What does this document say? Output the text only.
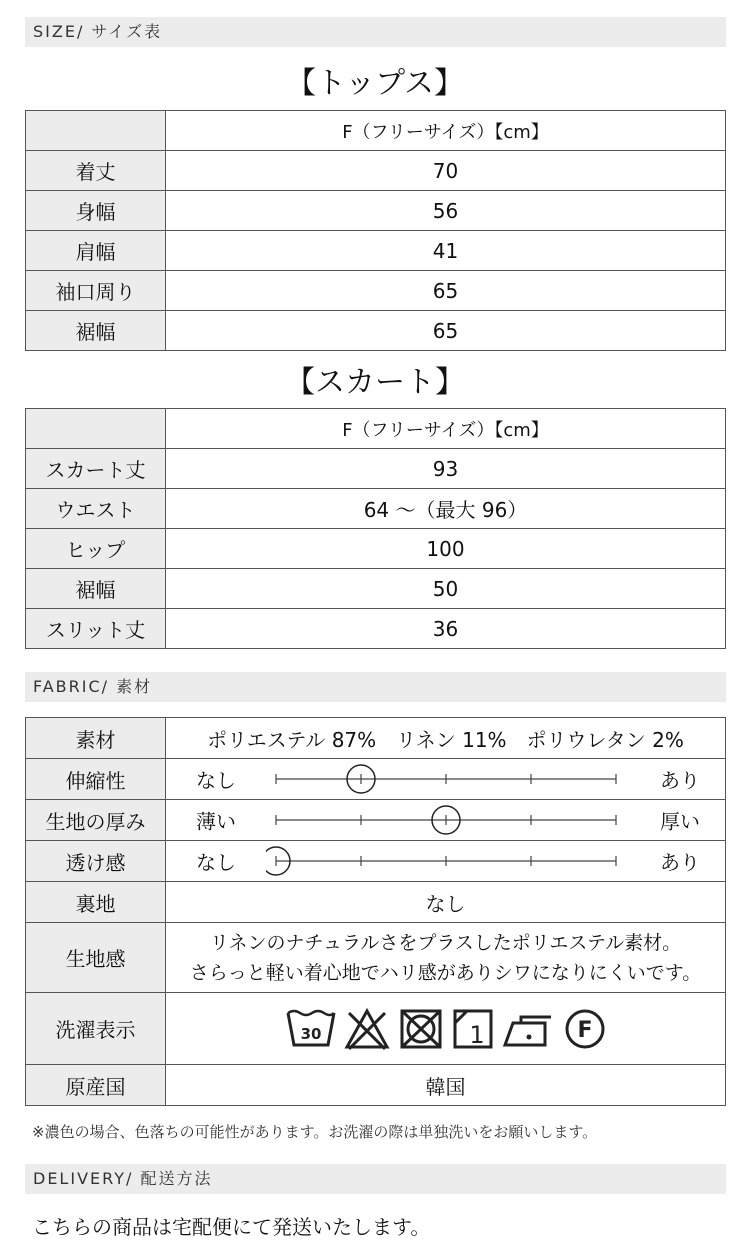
SIZE/ サイズ表
【トップス】
	F（フリーサイズ）【cm】
着丈	70
身幅	56
肩幅	41
袖口周り	65
裾幅	65
【スカート】
	F（フリーサイズ）【cm】
スカート丈	93
ウエスト	64 ～（最大 96）
ヒップ	100
裾幅	50
スリット丈	36
FABRIC/ 素材
素材	ポリエステル 87%　リネン 11%　ポリウレタン 2%
伸縮性	なし あり

生地の厚み	薄い 厚い

透け感	なし あり

裏地	なし
生地感	リネンのナチュラルさをプラスしたポリエステル素材。
さらっと軽い着心地でハリ感がありシワになりにくいです。

洗濯表示	30 1 F

原産国	韓国
※濃色の場合、色落ちの可能性があります。お洗濯の際は単独洗いをお願いします。
DELIVERY/ 配送方法
こちらの商品は宅配便にて発送いたします。
